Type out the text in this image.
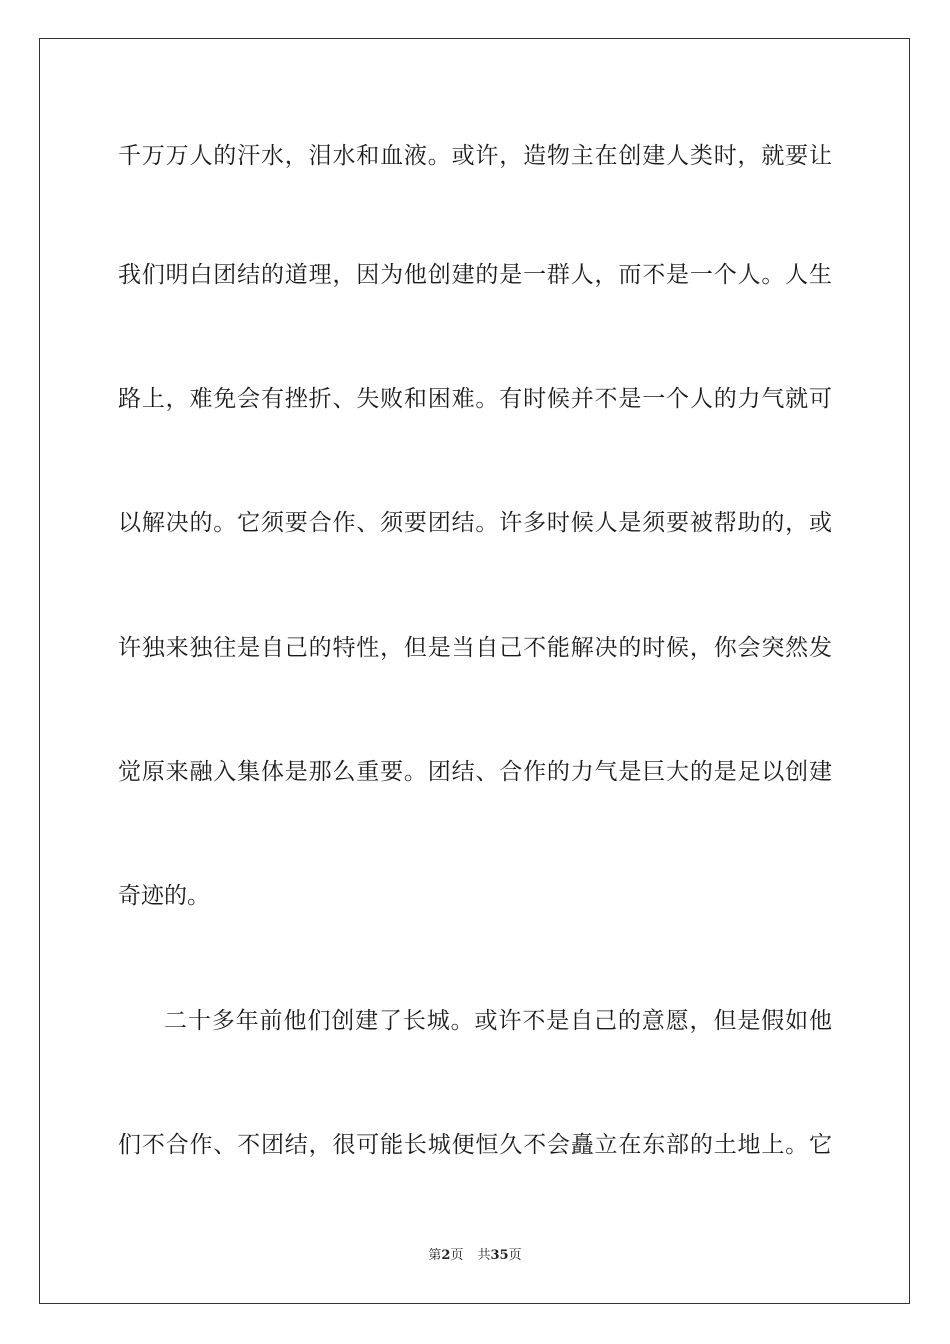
千万万人的汗水，泪水和血液。或许，造物主在创建人类时，就要让
我们明白团结的道理，因为他创建的是一群人，而不是一个人。人生
路上，难免会有挫折、失败和困难。有时候并不是一个人的力气就可
以解决的。它须要合作、须要团结。许多时候人是须要被帮助的，或
许独来独往是自己的特性，但是当自己不能解决的时候，你会突然发
觉原来融入集体是那么重要。团结、合作的力气是巨大的是足以创建
奇迹的。
二十多年前他们创建了长城。或许不是自己的意愿，但是假如他
们不合作、不团结，很可能长城便恒久不会矗立在东部的土地上。它
第2页 共35页
